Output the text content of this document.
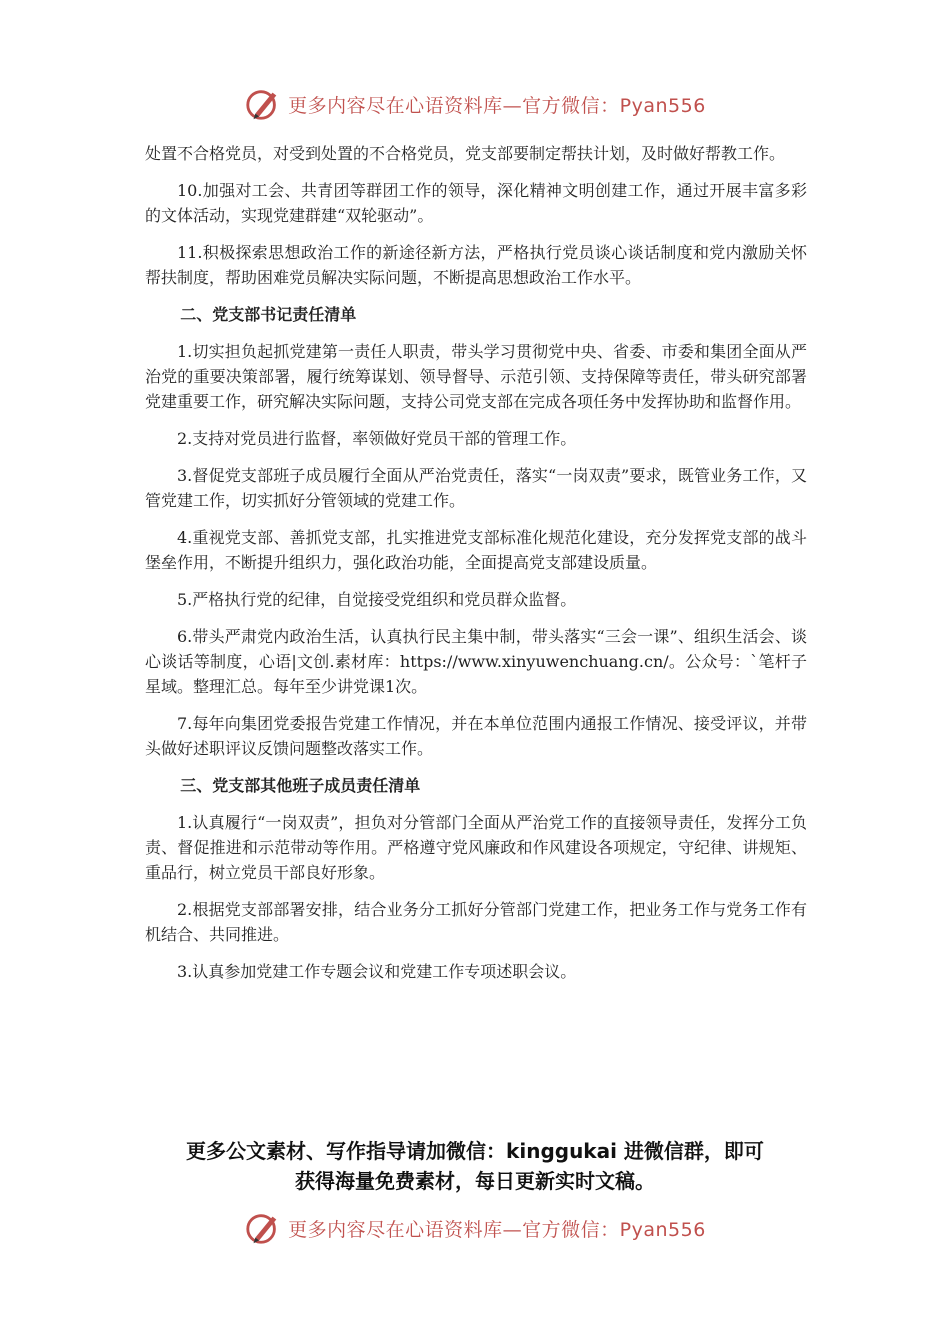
更多内容尽在心语资料库—官方微信：Pyan556

处置不合格党员，对受到处置的不合格党员，党支部要制定帮扶计划，及时做好帮教工作。

10.加强对工会、共青团等群团工作的领导，深化精神文明创建工作，通过开展丰富多彩的文体活动，实现党建群建“双轮驱动”。

11.积极探索思想政治工作的新途径新方法，严格执行党员谈心谈话制度和党内激励关怀帮扶制度，帮助困难党员解决实际问题，不断提高思想政治工作水平。

二、党支部书记责任清单

1.切实担负起抓党建第一责任人职责，带头学习贯彻党中央、省委、市委和集团全面从严治党的重要决策部署，履行统筹谋划、领导督导、示范引领、支持保障等责任，带头研究部署党建重要工作，研究解决实际问题，支持公司党支部在完成各项任务中发挥协助和监督作用。

2.支持对党员进行监督，率领做好党员干部的管理工作。

3.督促党支部班子成员履行全面从严治党责任，落实“一岗双责”要求，既管业务工作，又管党建工作，切实抓好分管领域的党建工作。

4.重视党支部、善抓党支部，扎实推进党支部标准化规范化建设，充分发挥党支部的战斗堡垒作用，不断提升组织力，强化政治功能，全面提高党支部建设质量。

5.严格执行党的纪律，自觉接受党组织和党员群众监督。

6.带头严肃党内政治生活，认真执行民主集中制，带头落实“三会一课”、组织生活会、谈心谈话等制度，心语|文创.素材库：https://www.xinyuwenchuang.cn/。公众号：`笔杆子星域。整理汇总。每年至少讲党课1次。

7.每年向集团党委报告党建工作情况，并在本单位范围内通报工作情况、接受评议，并带头做好述职评议反馈问题整改落实工作。

三、党支部其他班子成员责任清单

1.认真履行“一岗双责”，担负对分管部门全面从严治党工作的直接领导责任，发挥分工负责、督促推进和示范带动等作用。严格遵守党风廉政和作风建设各项规定，守纪律、讲规矩、重品行，树立党员干部良好形象。

2.根据党支部部署安排，结合业务分工抓好分管部门党建工作，把业务工作与党务工作有机结合、共同推进。

3.认真参加党建工作专题会议和党建工作专项述职会议。

更多公文素材、写作指导请加微信：kinggukai 进微信群，即可
获得海量免费素材，每日更新实时文稿。
更多内容尽在心语资料库—官方微信：Pyan556
